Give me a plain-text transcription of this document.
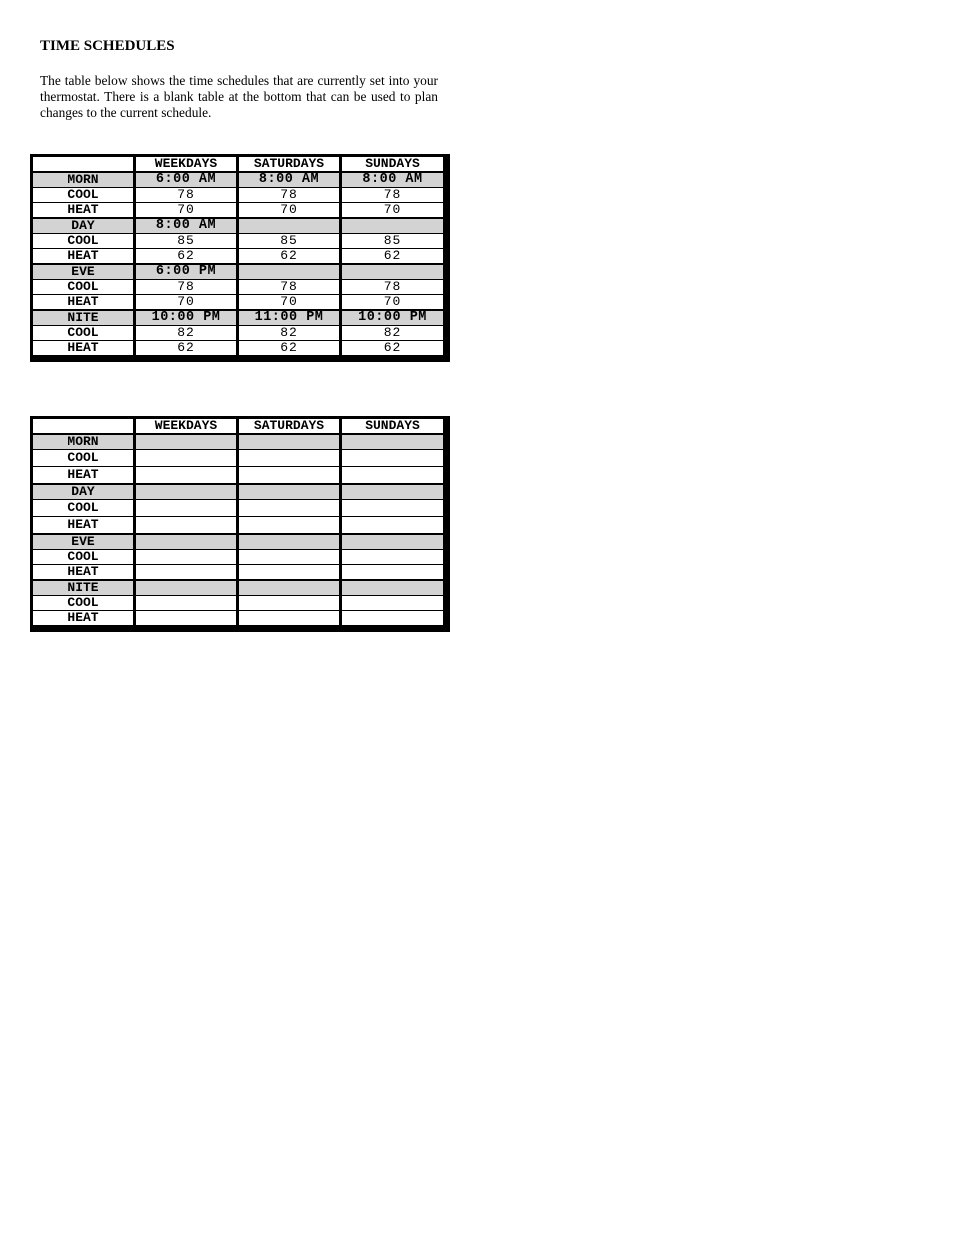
TIME SCHEDULES

The table below shows the time schedules that are currently set into your thermostat. There is a blank table at the bottom that can be used to plan changes to the current schedule.

	WEEKDAYS	SATURDAYS	SUNDAYS
MORN	6:00 AM	8:00 AM	8:00 AM
COOL	78	78	78
HEAT	70	70	70
DAY	8:00 AM		
COOL	85	85	85
HEAT	62	62	62
EVE	6:00 PM		
COOL	78	78	78
HEAT	70	70	70
NITE	10:00 PM	11:00 PM	10:00 PM
COOL	82	82	82
HEAT	62	62	62
	WEEKDAYS	SATURDAYS	SUNDAYS
MORN			
COOL			
HEAT			
DAY			
COOL			
HEAT			
EVE			
COOL			
HEAT			
NITE			
COOL			
HEAT			
